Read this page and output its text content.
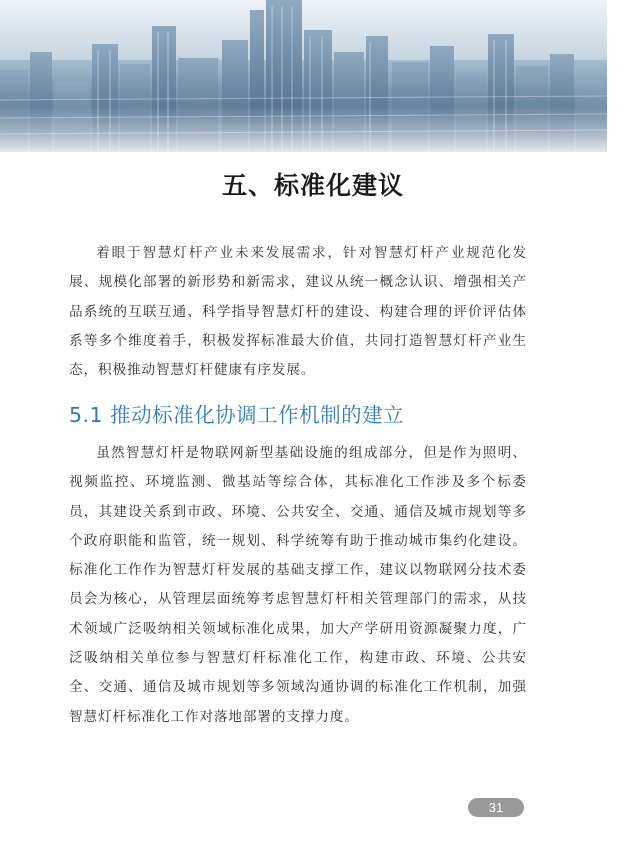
五、标准化建议

着眼于智慧灯杆产业未来发展需求，针对智慧灯杆产业规范化发展、规模化部署的新形势和新需求，建议从统一概念认识、增强相关产品系统的互联互通、科学指导智慧灯杆的建设、构建合理的评价评估体系等多个维度着手，积极发挥标准最大价值，共同打造智慧灯杆产业生态，积极推动智慧灯杆健康有序发展。

5.1 推动标准化协调工作机制的建立

虽然智慧灯杆是物联网新型基础设施的组成部分，但是作为照明、视频监控、环境监测、微基站等综合体，其标准化工作涉及多个标委员，其建设关系到市政、环境、公共安全、交通、通信及城市规划等多个政府职能和监管，统一规划、科学统筹有助于推动城市集约化建设。标准化工作作为智慧灯杆发展的基础支撑工作，建议以物联网分技术委员会为核心，从管理层面统筹考虑智慧灯杆相关管理部门的需求，从技术领域广泛吸纳相关领域标准化成果，加大产学研用资源凝聚力度，广泛吸纳相关单位参与智慧灯杆标准化工作，构建市政、环境、公共安全、交通、通信及城市规划等多领域沟通协调的标准化工作机制，加强智慧灯杆标准化工作对落地部署的支撑力度。

31
